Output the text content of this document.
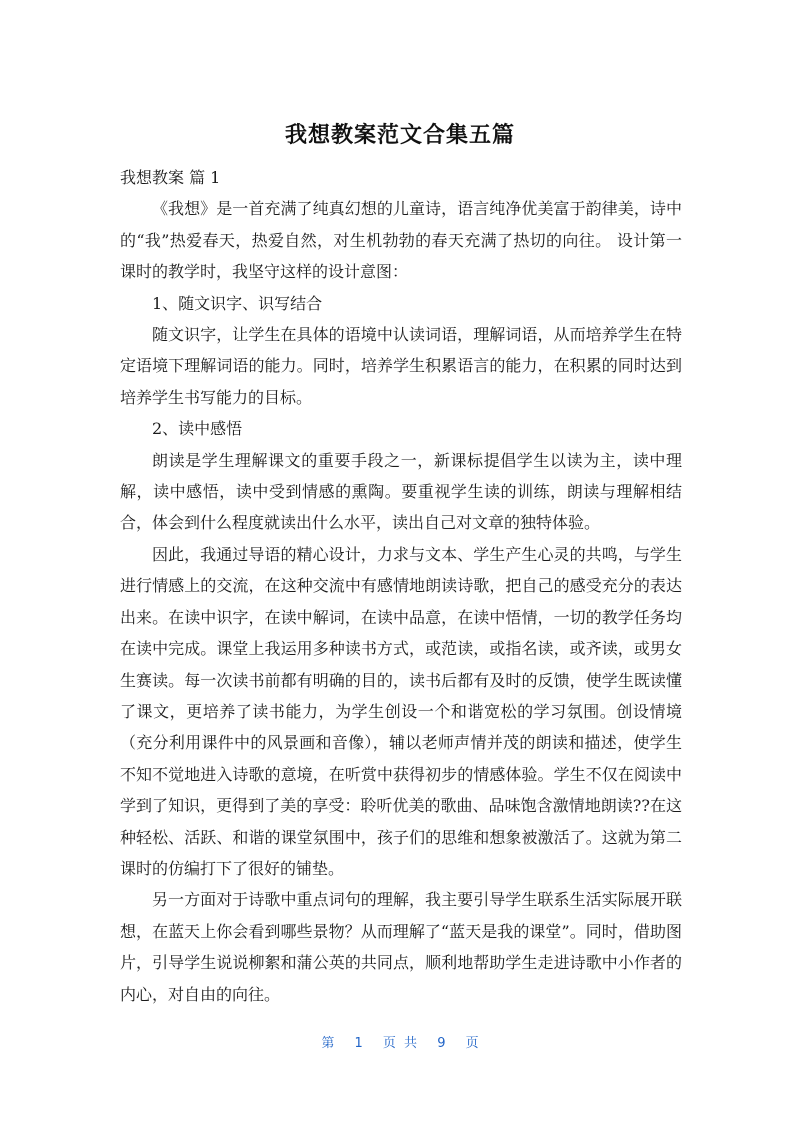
我想教案范文合集五篇

我想教案 篇 1

《我想》是一首充满了纯真幻想的儿童诗，语言纯净优美富于韵律美，诗中的“我”热爱春天，热爱自然，对生机勃勃的春天充满了热切的向往。 设计第一课时的教学时，我坚守这样的设计意图：

1、随文识字、识写结合

随文识字，让学生在具体的语境中认读词语，理解词语，从而培养学生在特定语境下理解词语的能力。同时，培养学生积累语言的能力，在积累的同时达到培养学生书写能力的目标。

2、读中感悟

朗读是学生理解课文的重要手段之一，新课标提倡学生以读为主，读中理解，读中感悟，读中受到情感的熏陶。要重视学生读的训练，朗读与理解相结合，体会到什么程度就读出什么水平，读出自己对文章的独特体验。

因此，我通过导语的精心设计，力求与文本、学生产生心灵的共鸣，与学生进行情感上的交流，在这种交流中有感情地朗读诗歌，把自己的感受充分的表达出来。在读中识字，在读中解词，在读中品意，在读中悟情，一切的教学任务均在读中完成。课堂上我运用多种读书方式，或范读，或指名读，或齐读，或男女生赛读。每一次读书前都有明确的目的，读书后都有及时的反馈，使学生既读懂了课文，更培养了读书能力，为学生创设一个和谐宽松的学习氛围。创设情境（充分利用课件中的风景画和音像），辅以老师声情并茂的朗读和描述，使学生不知不觉地进入诗歌的意境，在听赏中获得初步的情感体验。学生不仅在阅读中学到了知识，更得到了美的享受：聆听优美的歌曲、品味饱含激情地朗读??在这种轻松、活跃、和谐的课堂氛围中，孩子们的思维和想象被激活了。这就为第二课时的仿编打下了很好的铺垫。

另一方面对于诗歌中重点词句的理解，我主要引导学生联系生活实际展开联想，在蓝天上你会看到哪些景物？从而理解了“蓝天是我的课堂”。同时，借助图片，引导学生说说柳絮和蒲公英的共同点，顺利地帮助学生走进诗歌中小作者的内心，对自由的向往。

第 1 页 共 9 页
